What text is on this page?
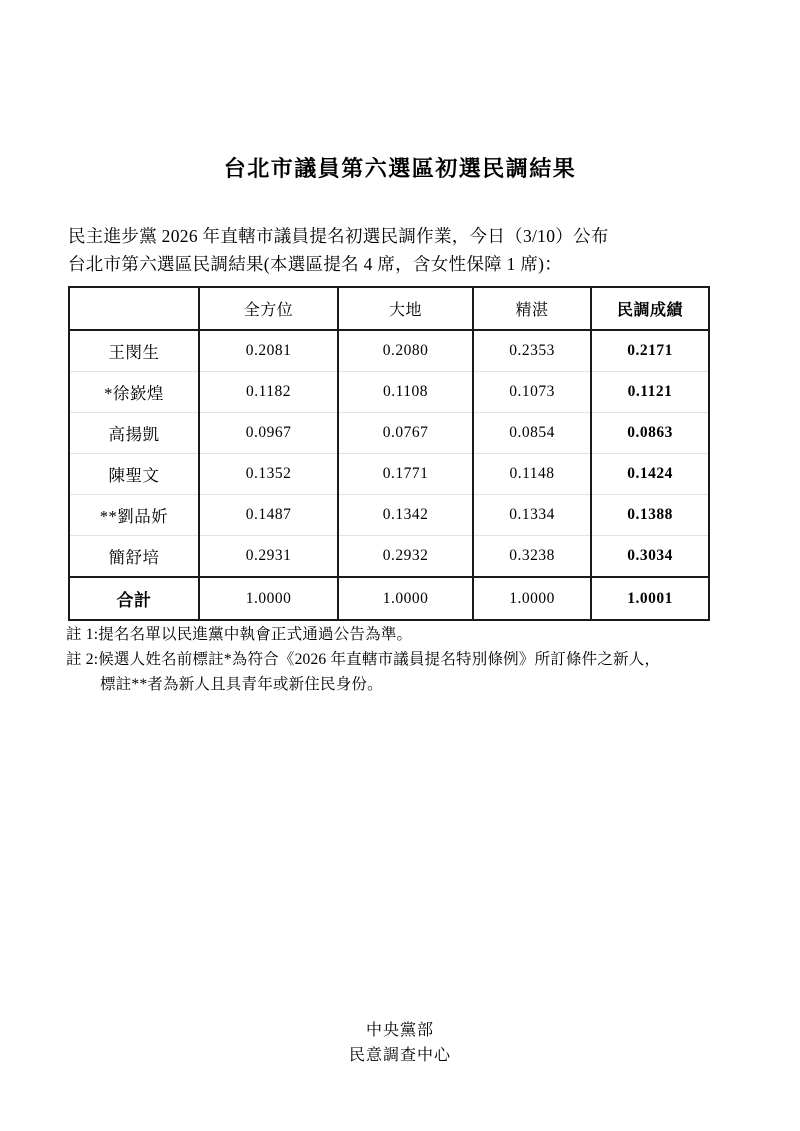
台北市議員第六選區初選民調結果
民主進步黨 2026 年直轄市議員提名初選民調作業，今日（3/10）公布
台北市第六選區民調結果(本選區提名 4 席，含女性保障 1 席)：
	全方位	大地	精湛	民調成績
王閔生	0.2081	0.2080	0.2353	0.2171
*徐嶔煌	0.1182	0.1108	0.1073	0.1121
高揚凱	0.0967	0.0767	0.0854	0.0863
陳聖文	0.1352	0.1771	0.1148	0.1424
**劉品妡	0.1487	0.1342	0.1334	0.1388
簡舒培	0.2931	0.2932	0.3238	0.3034
合計	1.0000	1.0000	1.0000	1.0001
註 1:提名名單以民進黨中執會正式通過公告為準。
註 2:候選人姓名前標註*為符合《2026 年直轄市議員提名特別條例》所訂條件之新人，
標註**者為新人且具青年或新住民身份。
中央黨部
民意調查中心
